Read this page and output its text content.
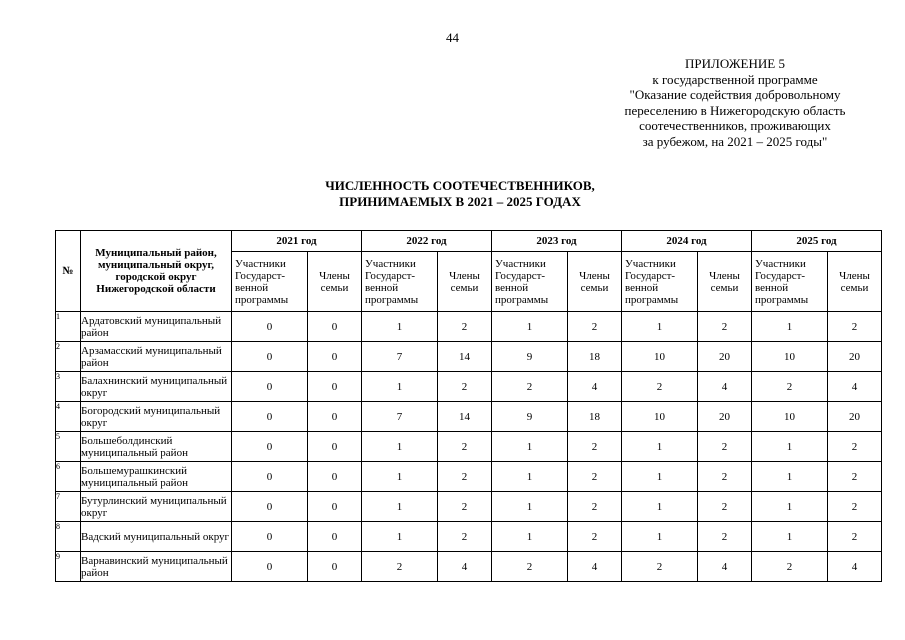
44
ПРИЛОЖЕНИЕ 5
к государственной программе
"Оказание содействия добровольному
переселению в Нижегородскую область
соотечественников, проживающих
за рубежом, на 2021 – 2025 годы"
ЧИСЛЕННОСТЬ СООТЕЧЕСТВЕННИКОВ,
ПРИНИМАЕМЫХ В 2021 – 2025 ГОДАХ
№	Муниципальный район, муниципальный округ, городской округ Нижегородской области	2021 год		2022 год		2023 год		2024 год		2025 год	
		Участники Государст-венной программы	Члены семьи	Участники Государст-венной программы	Члены семьи	Участники Государст-венной программы	Члены семьи	Участники Государст-венной программы	Члены семьи	Участники Государст-венной программы	Члены семьи
1	Ардатовский муниципальный район	0	0	1	2	1	2	1	2	1	2
2	Арзамасский муниципальный район	0	0	7	14	9	18	10	20	10	20
3	Балахнинский муниципальный округ	0	0	1	2	2	4	2	4	2	4
4	Богородский муниципальный округ	0	0	7	14	9	18	10	20	10	20
5	Большеболдинский муниципальный район	0	0	1	2	1	2	1	2	1	2
6	Большемурашкинский муниципальный район	0	0	1	2	1	2	1	2	1	2
7	Бутурлинский муниципальный округ	0	0	1	2	1	2	1	2	1	2
8	Вадский муниципальный округ	0	0	1	2	1	2	1	2	1	2
9	Варнавинский муниципальный район	0	0	2	4	2	4	2	4	2	4
